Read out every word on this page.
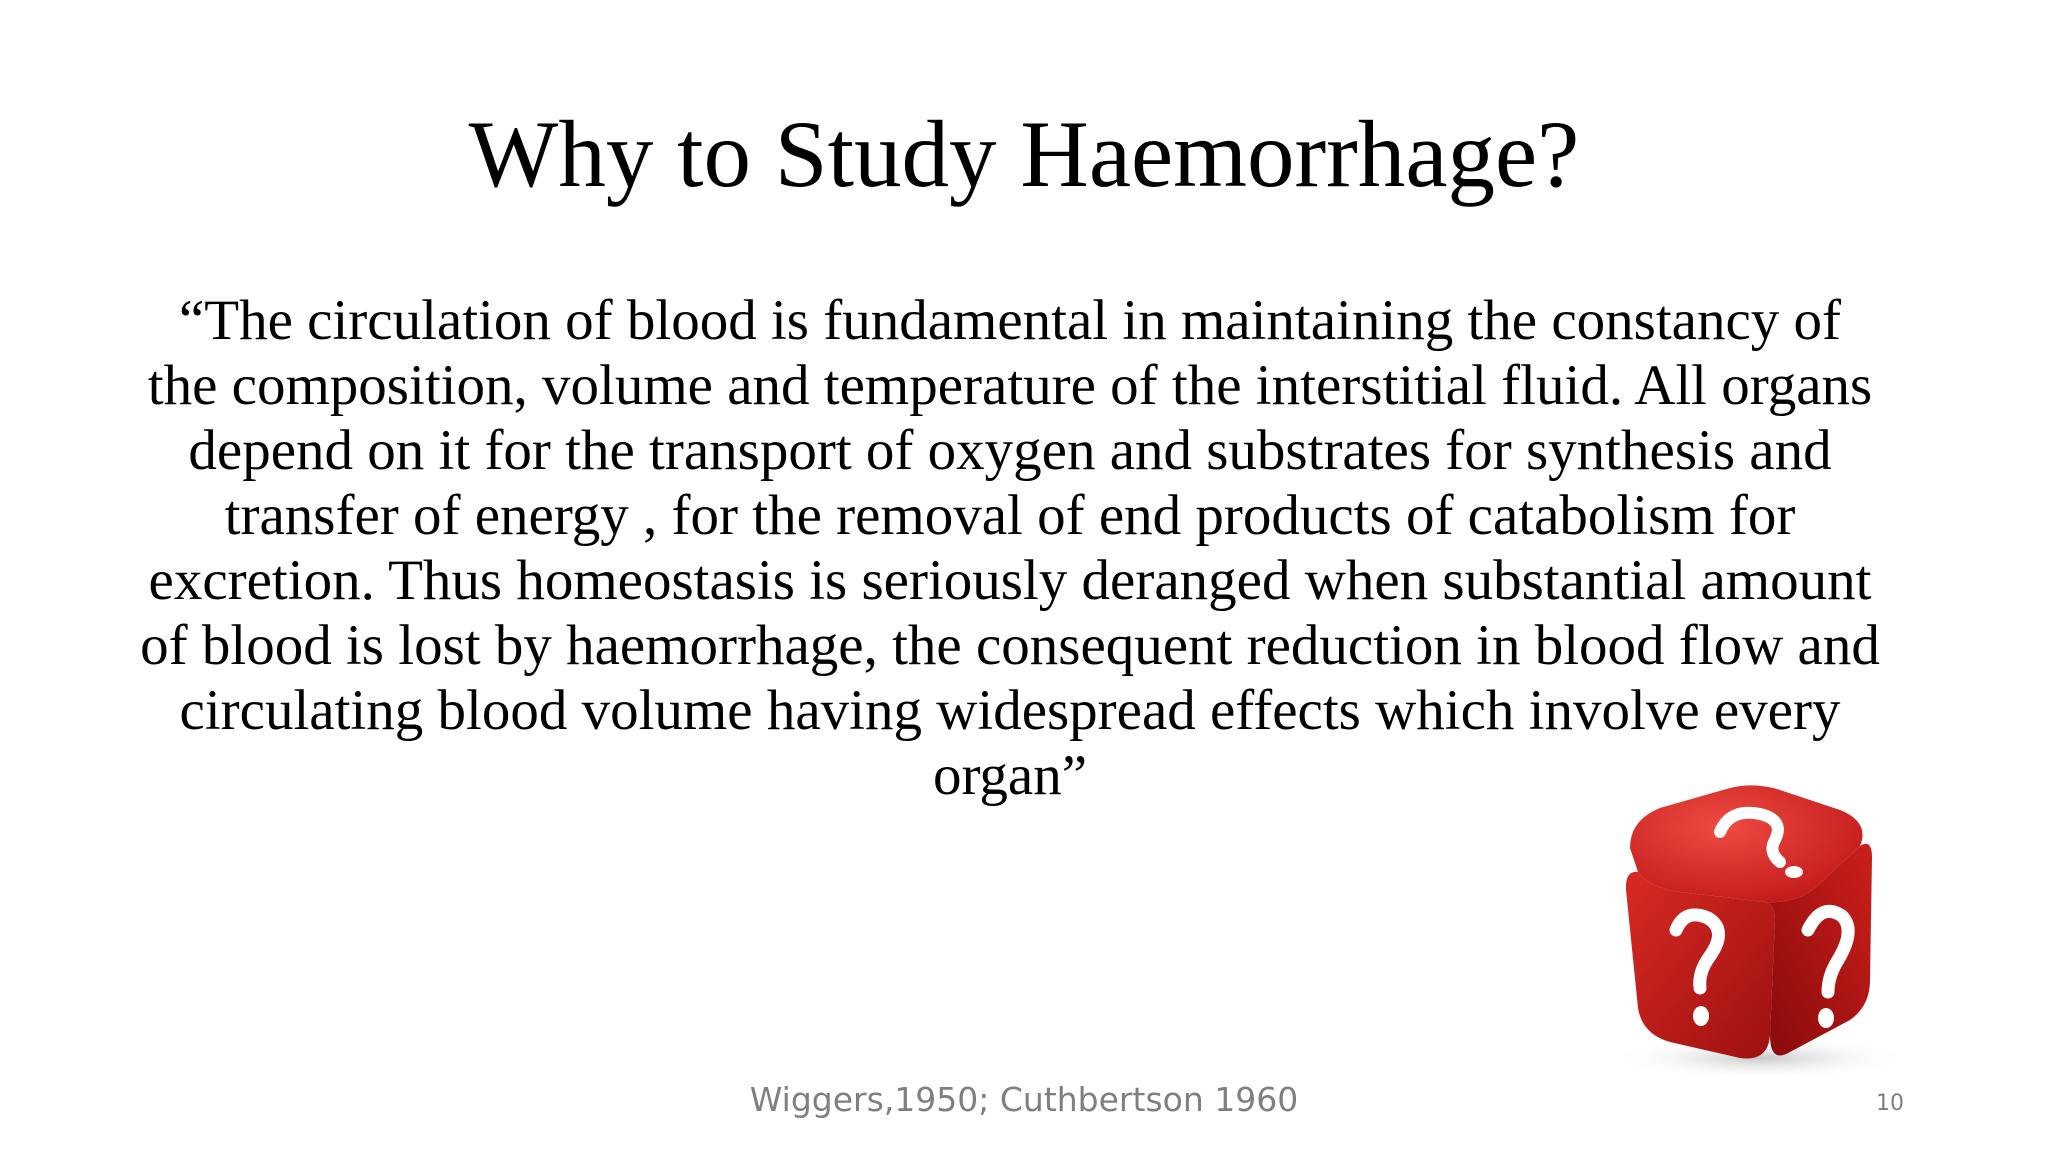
Why to Study Haemorrhage?
“The circulation of blood is fundamental in maintaining the constancy of the composition, volume and temperature of the interstitial fluid. All organs depend on it for the transport of oxygen and substrates for synthesis and transfer of energy , for the removal of end products of catabolism for excretion. Thus homeostasis is seriously deranged when substantial amount of blood is lost by haemorrhage, the consequent reduction in blood flow and circulating blood volume having widespread effects which involve every organ”
Wiggers,1950; Cuthbertson 1960	10
